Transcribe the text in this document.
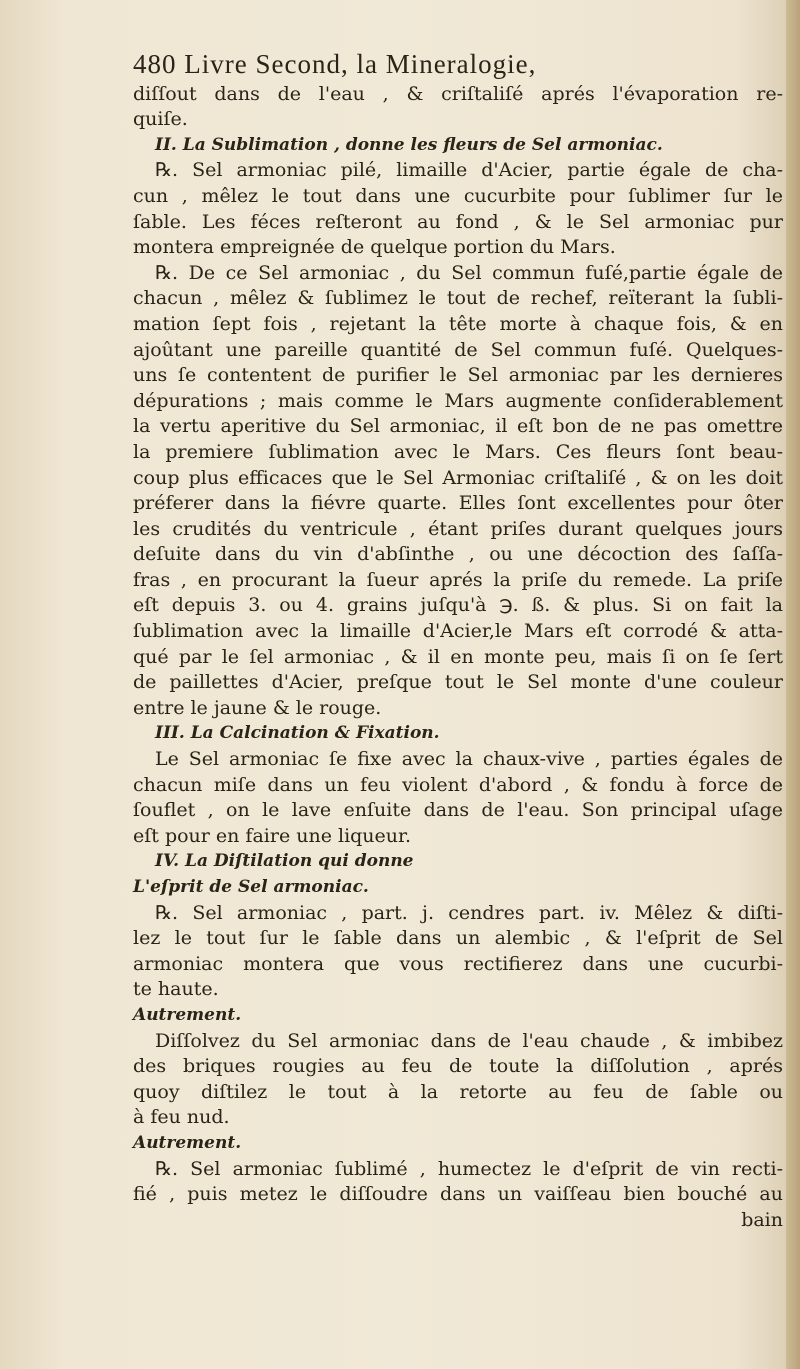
480 Livre Second, la Mineralogie,
diſſout dans de l'eau , & criſtaliſé aprés l'évaporation re-
quiſe.
II. La Sublimation , donne les fleurs de Sel armoniac.
℞. Sel armoniac pilé, limaille d'Acier, partie égale de cha-
cun , mêlez le tout dans une cucurbite pour ſublimer ſur le
ſable. Les féces reſteront au fond , & le Sel armoniac pur
montera empreignée de quelque portion du Mars.
℞. De ce Sel armoniac , du Sel commun fuſé,partie égale de
chacun , mêlez & ſublimez le tout de rechef, reïterant la ſubli-
mation ſept fois , rejetant la tête morte à chaque fois, & en
ajoûtant une pareille quantité de Sel commun fuſé. Quelques-
uns ſe contentent de purifier le Sel armoniac par les dernieres
dépurations ; mais comme le Mars augmente conſiderablement
la vertu aperitive du Sel armoniac, il eſt bon de ne pas omettre
la premiere ſublimation avec le Mars. Ces fleurs ſont beau-
coup plus efficaces que le Sel Armoniac criſtaliſé , & on les doit
préferer dans la fiévre quarte. Elles ſont excellentes pour ôter
les crudités du ventricule , étant priſes durant quelques jours
deſuite dans du vin d'abſinthe , ou une décoction des ſaſſa-
fras , en procurant la ſueur aprés la priſe du remede. La priſe
eſt depuis 3. ou 4. grains juſqu'à ℈. ß. & plus. Si on fait la
ſublimation avec la limaille d'Acier,le Mars eſt corrodé & atta-
qué par le ſel armoniac , & il en monte peu, mais ſi on ſe ſert
de paillettes d'Acier, preſque tout le Sel monte d'une couleur
entre le jaune & le rouge.
III. La Calcination & Fixation.
Le Sel armoniac ſe fixe avec la chaux-vive , parties égales de
chacun miſe dans un feu violent d'abord , & fondu à force de
ſouflet , on le lave enſuite dans de l'eau. Son principal uſage
eſt pour en faire une liqueur.
IV. La Diſtilation qui donne
L'eſprit de Sel armoniac.
℞. Sel armoniac , part. j. cendres part. iv. Mêlez & diſti-
lez le tout ſur le ſable dans un alembic , & l'eſprit de Sel
armoniac montera que vous rectifierez dans une cucurbi-
te haute.
Autrement.
Diſſolvez du Sel armoniac dans de l'eau chaude , & imbibez
des briques rougies au feu de toute la diſſolution , aprés
quoy diſtilez le tout à la retorte au feu de ſable ou
à feu nud.
Autrement.
℞. Sel armoniac ſublimé , humectez le d'eſprit de vin recti-
fié , puis metez le diſſoudre dans un vaiſſeau bien bouché au
bain
